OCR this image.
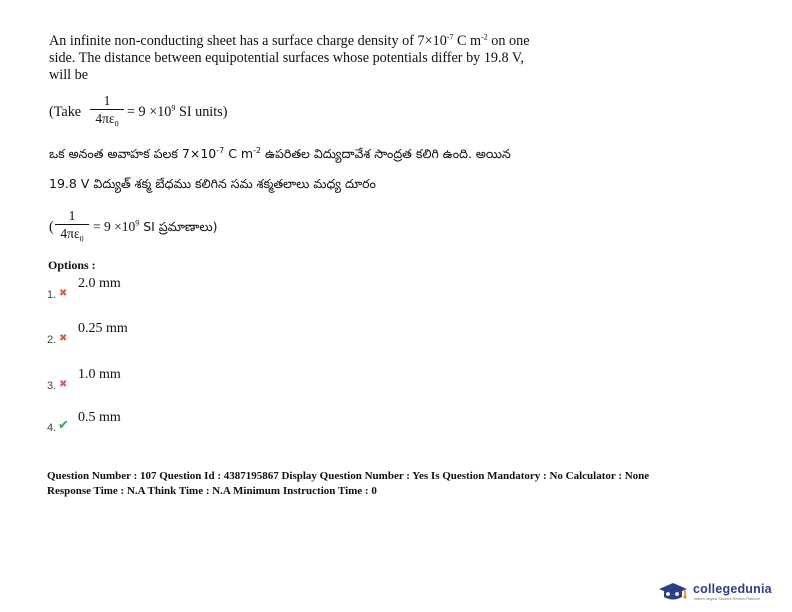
An infinite non-conducting sheet has a surface charge density of $7\times 10^{-7}$ C $m^{-2}$ on one
side. The distance between equipotential surfaces whose potentials differ by 19.8 V,
will be
(Take
1
$4\pi\varepsilon_0$
= $9 \times 10^9$ SI units)
ఒక అనంత అవాహక పలక $7\times 10^{-7}$ C $m^{-2}$ ఉపరితల విద్యుదావేశ సాంద్రత కలిగి ఉంది. అయిన
19.8 V విద్యుత్ శక్మ బేధము కలిగిన సమ శక్మతలాలు మధ్య దూరం
(
1
$4\pi\varepsilon_0$
= $9 \times 10^9$ SI ప్రమాణాలు)
Options :
2.0 mm
1. ✖
0.25 mm
2. ✖
1.0 mm
3. ✖
0.5 mm
4. ✔
Question Number : 107 Question Id : 4387195867 Display Question Number : Yes Is Question Mandatory : No Calculator : None
Response Time : N.A Think Time : N.A Minimum Instruction Time : 0
collegedunia
India's largest Student Review Platform
